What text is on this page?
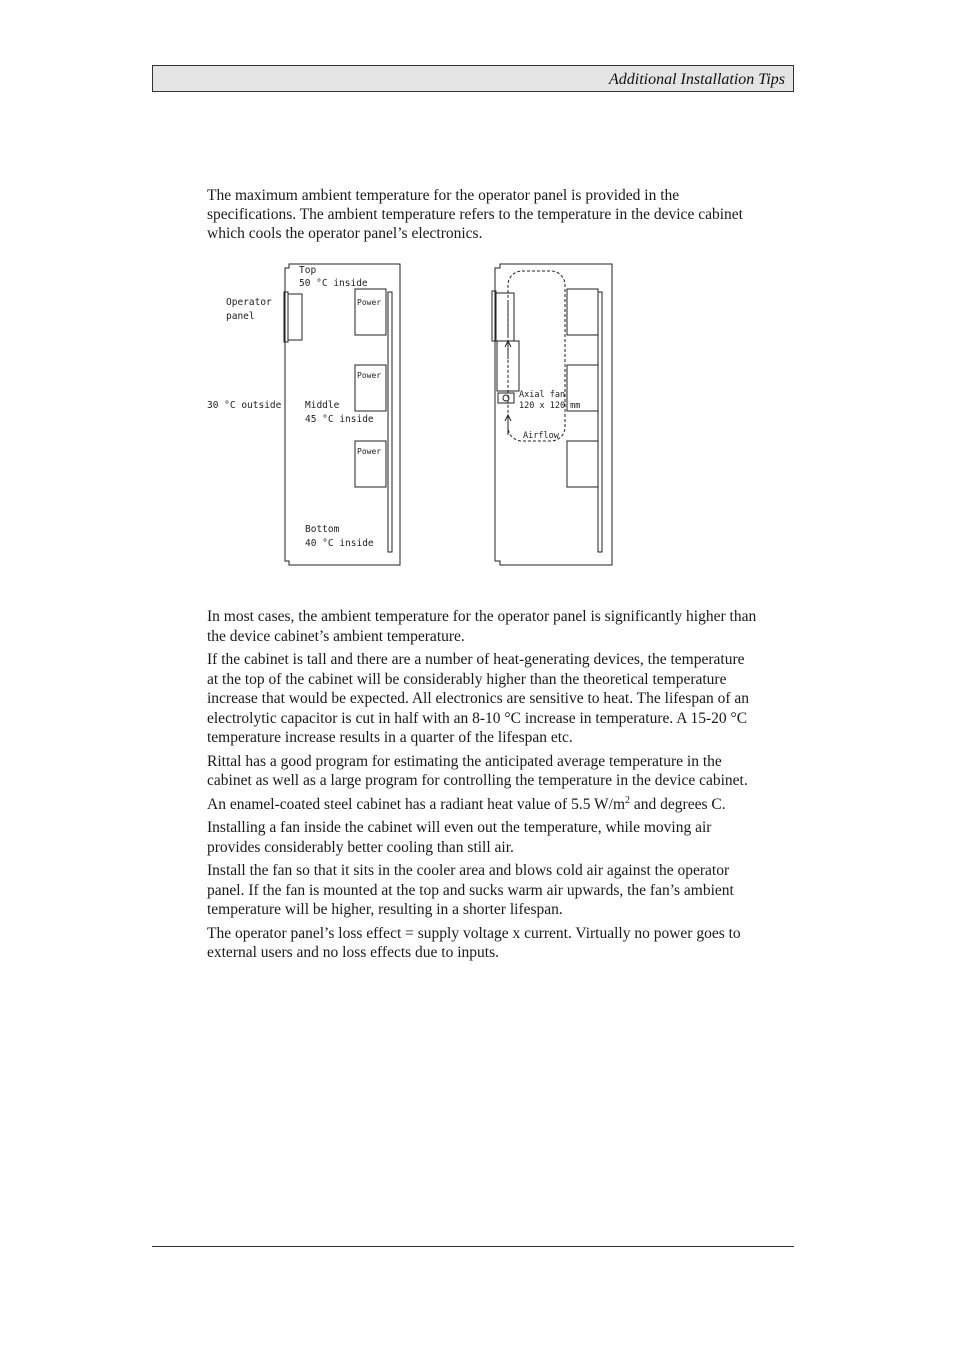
Additional Installation Tips

The maximum ambient temperature for the operator panel is provided in the specifications. The ambient temperature refers to the temperature in the device cabinet which cools the operator panel’s electronics.

Top
50 °C inside
Operator
panel
Power
Power
Power
30 °C outside Middle
45 °C inside
Bottom
40 °C inside
Axial fan
120 x 120 mm
Airflow

In most cases, the ambient temperature for the operator panel is significantly higher than the device cabinet’s ambient temperature.

If the cabinet is tall and there are a number of heat-generating devices, the temperature at the top of the cabinet will be considerably higher than the theoretical temperature increase that would be expected. All electronics are sensitive to heat. The lifespan of an electrolytic capacitor is cut in half with an 8-10 °C increase in temperature. A 15-20 °C temperature increase results in a quarter of the lifespan etc.

Rittal has a good program for estimating the anticipated average temperature in the cabinet as well as a large program for controlling the temperature in the device cabinet.

An enamel-coated steel cabinet has a radiant heat value of 5.5 $W/m^2$ and degrees C.

Installing a fan inside the cabinet will even out the temperature, while moving air provides considerably better cooling than still air.

Install the fan so that it sits in the cooler area and blows cold air against the operator panel. If the fan is mounted at the top and sucks warm air upwards, the fan’s ambient temperature will be higher, resulting in a shorter lifespan.

The operator panel’s loss effect = supply voltage x current. Virtually no power goes to external users and no loss effects due to inputs.
